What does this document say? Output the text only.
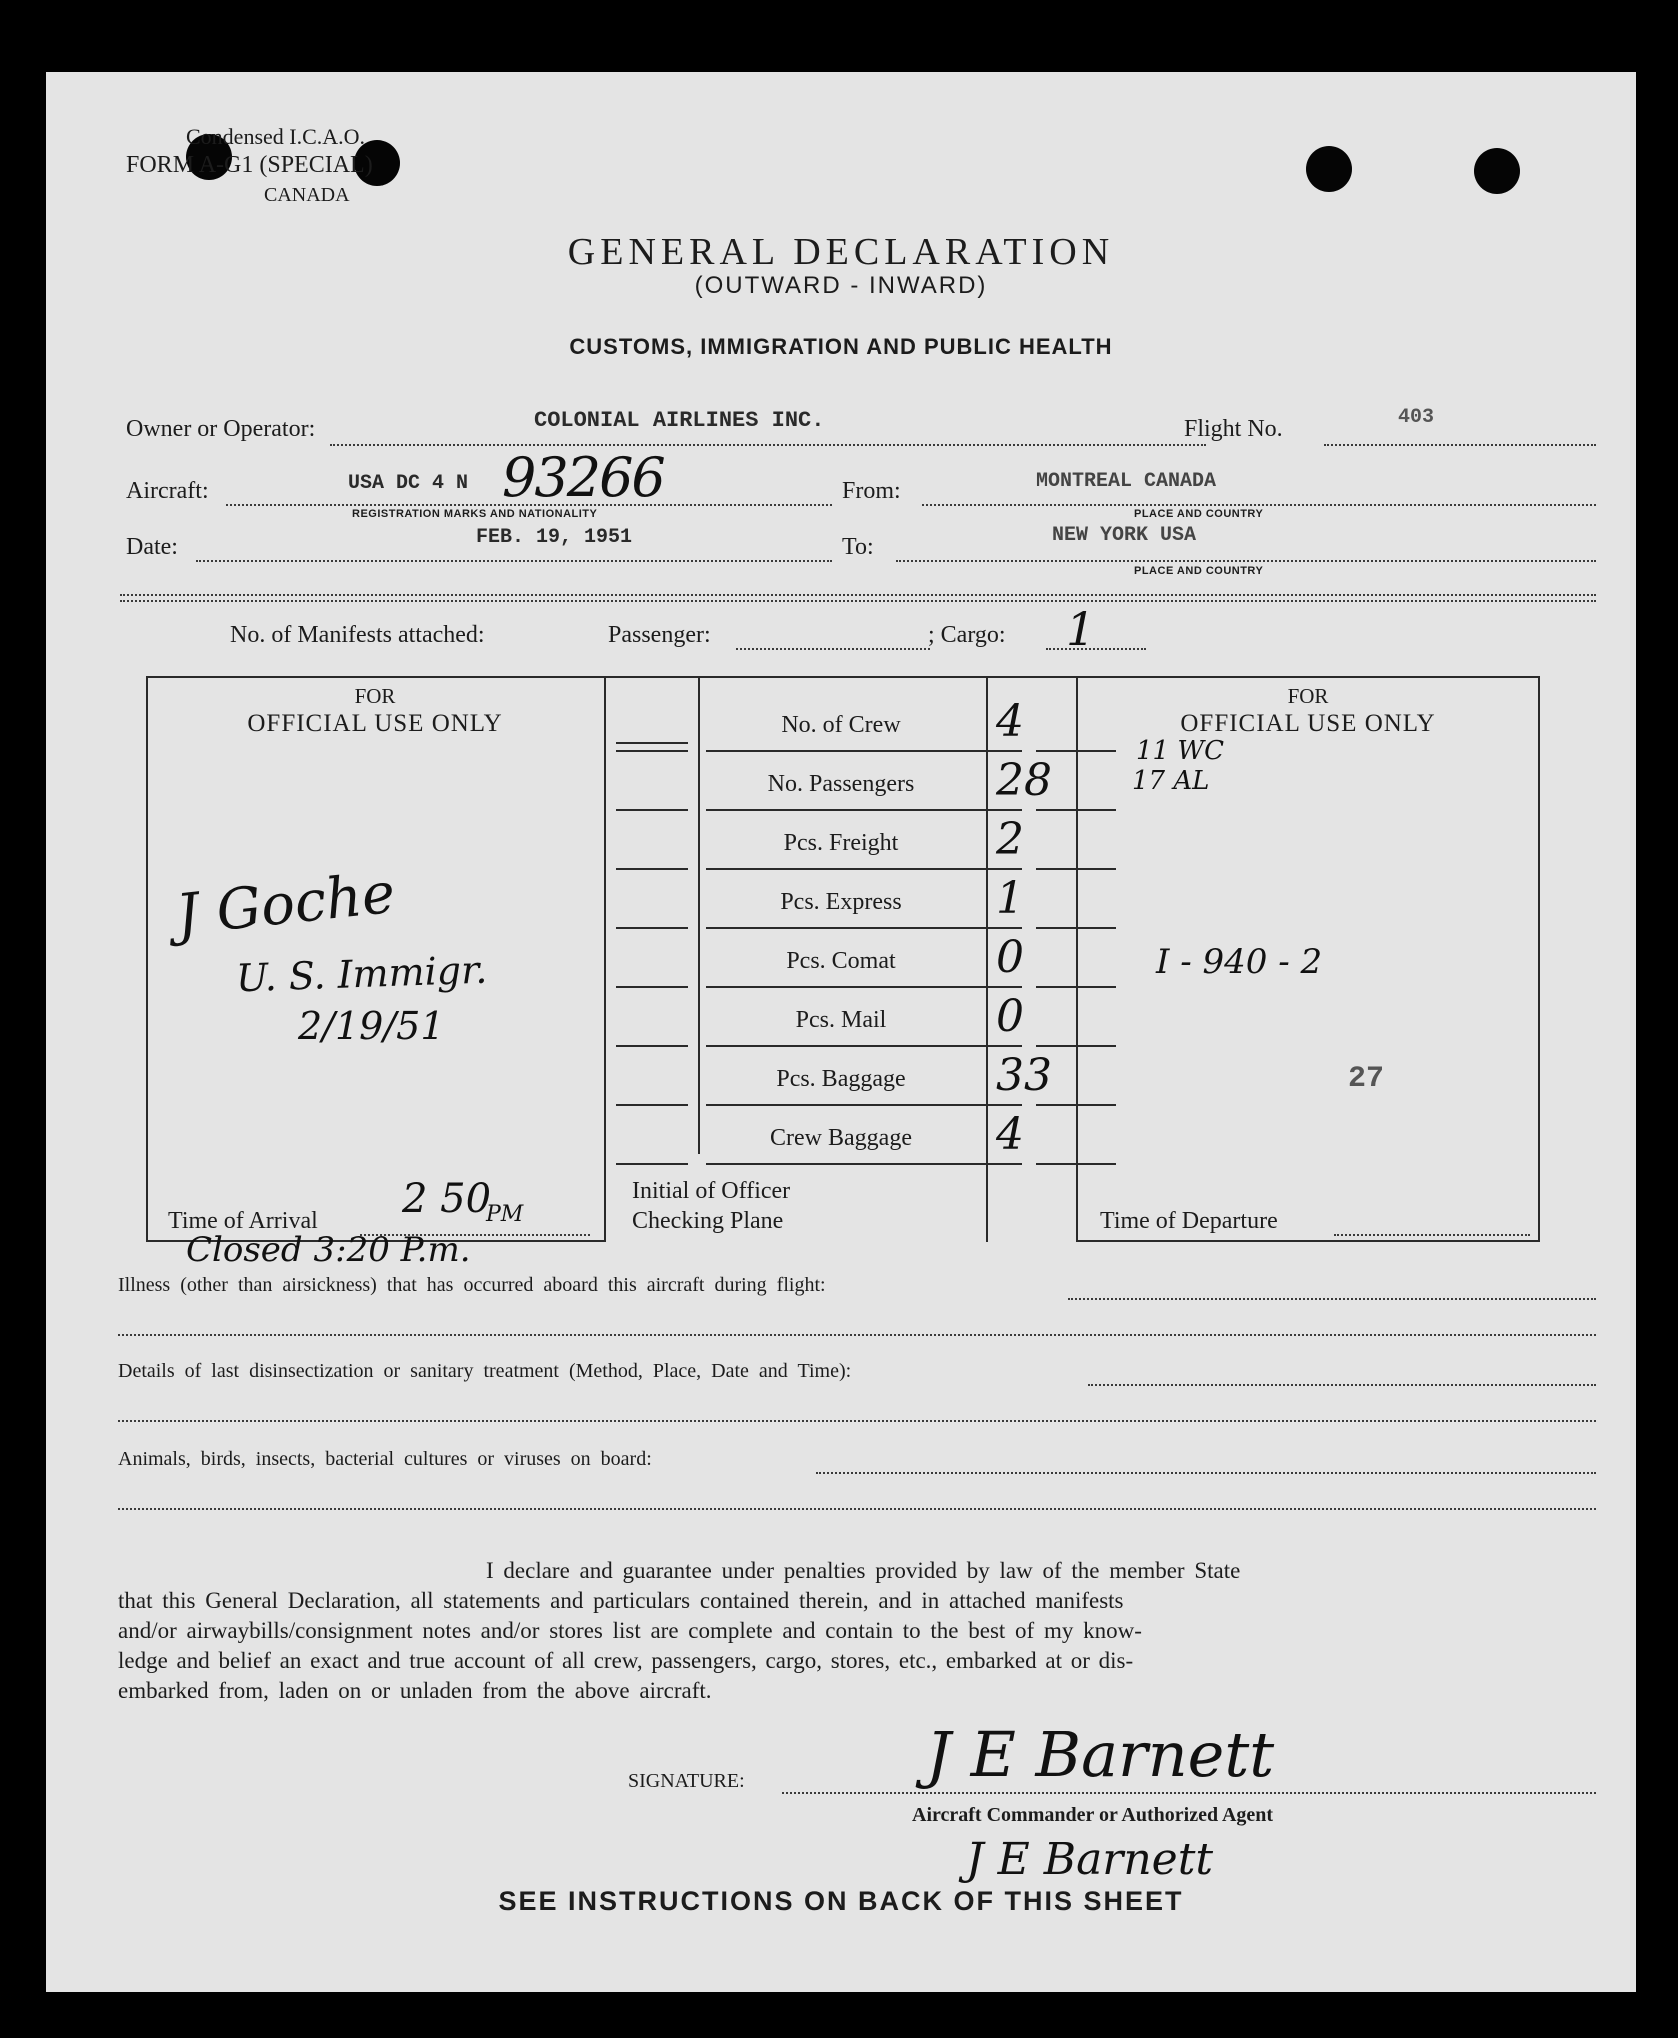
Condensed I.C.A.O.
FORM A-G1 (SPECIAL)
CANADA
GENERAL DECLARATION
(OUTWARD - INWARD)
CUSTOMS, IMMIGRATION AND PUBLIC HEALTH
Owner or Operator:	COLONIAL AIRLINES INC.	Flight No.	403
Aircraft:	USA DC 4 N 93266
REGISTRATION MARKS AND NATIONALITY
From:	MONTREAL CANADA
PLACE AND COUNTRY
Date:	FEB. 19, 1951	To:	NEW YORK USA
PLACE AND COUNTRY
No. of Manifests attached:	Passenger:	; Cargo: 1
FOR
OFFICIAL USE ONLY
J Goche
U. S. Immigr.
2/19/51
Time of Arrival 2 50
PM
Initial of Officer
Checking Plane
FOR
OFFICIAL USE ONLY
11 WC
17 AL
I - 940 - 2
27
Time of Departure
Closed 3:20 P.m.
Illness (other than airsickness) that has occurred aboard this aircraft during flight:
Details of last disinsectization or sanitary treatment (Method, Place, Date and Time):
Animals, birds, insects, bacterial cultures or viruses on board:
I declare and guarantee under penalties provided by law of the member State
that this General Declaration, all statements and particulars contained therein, and in attached manifests
and/or airwaybills/consignment notes and/or stores list are complete and contain to the best of my know-
ledge and belief an exact and true account of all crew, passengers, cargo, stores, etc., embarked at or dis-
embarked from, laden on or unladen from the above aircraft.
SIGNATURE:	J E Barnett
Aircraft Commander or Authorized Agent
J E Barnett
SEE INSTRUCTIONS ON BACK OF THIS SHEET
No. of Crew	4
No. Passengers	28
Pcs. Freight	2
Pcs. Express	1
Pcs. Comat	0
Pcs. Mail	0
Pcs. Baggage	33
Crew Baggage	4
